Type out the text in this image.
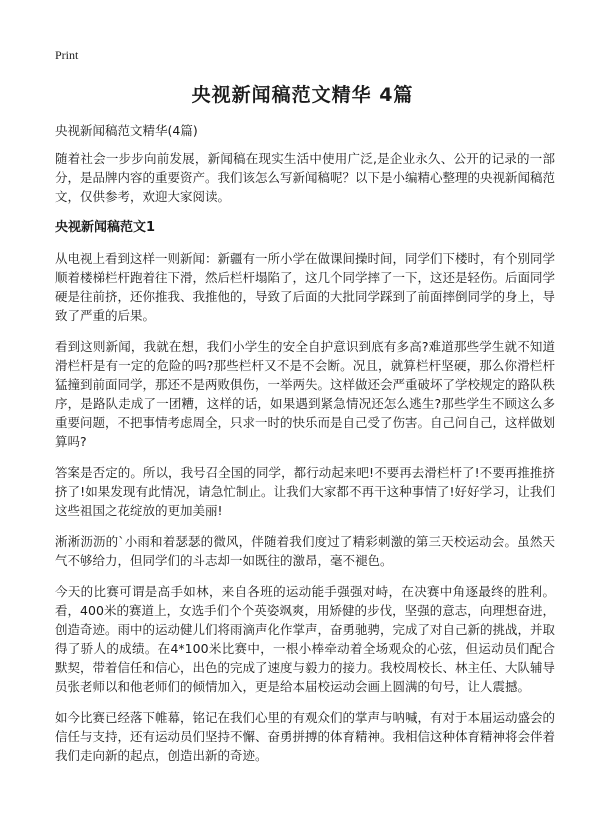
Print
央视新闻稿范文精华 4篇

央视新闻稿范文精华(4篇)

随着社会一步步向前发展，新闻稿在现实生活中使用广泛,是企业永久、公开的记录的一部分，是品牌内容的重要资产。我们该怎么写新闻稿呢？以下是小编精心整理的央视新闻稿范文，仅供参考，欢迎大家阅读。

央视新闻稿范文1

从电视上看到这样一则新闻：新疆有一所小学在做课间操时间，同学们下楼时，有个别同学顺着楼梯栏杆跑着往下滑，然后栏杆塌陷了，这几个同学摔了一下，这还是轻伤。后面同学硬是往前挤，还你推我、我推他的，导致了后面的大批同学踩到了前面摔倒同学的身上，导致了严重的后果。

看到这则新闻，我就在想，我们小学生的安全自护意识到底有多高?难道那些学生就不知道滑栏杆是有一定的危险的吗?那些栏杆又不是不会断。况且，就算栏杆坚硬，那么你滑栏杆猛撞到前面同学，那还不是两败俱伤，一举两失。这样做还会严重破坏了学校规定的路队秩序，是路队走成了一团糟，这样的话，如果遇到紧急情况还怎么逃生?那些学生不顾这么多重要问题，不把事情考虑周全，只求一时的快乐而是自己受了伤害。自己问自己，这样做划算吗?

答案是否定的。所以，我号召全国的同学，都行动起来吧!不要再去滑栏杆了!不要再推推挤挤了!如果发现有此情况，请急忙制止。让我们大家都不再干这种事情了!好好学习，让我们这些祖国之花绽放的更加美丽!

淅淅沥沥的`小雨和着瑟瑟的微风，伴随着我们度过了精彩刺激的第三天校运动会。虽然天气不够给力，但同学们的斗志却一如既往的激昂，毫不褪色。

今天的比赛可谓是高手如林，来自各班的运动能手强强对峙，在决赛中角逐最终的胜利。看，400米的赛道上，女选手们个个英姿飒爽，用矫健的步伐，坚强的意志，向理想奋进，创造奇迹。雨中的运动健儿们将雨滴声化作掌声，奋勇驰骋，完成了对自己新的挑战，并取得了骄人的成绩。在4*100米比赛中，一根小棒牵动着全场观众的心弦，但运动员们配合默契，带着信任和信心，出色的完成了速度与毅力的接力。我校周校长、林主任、大队辅导员张老师以和他老师们的倾情加入，更是给本届校运动会画上圆满的句号，让人震撼。

如今比赛已经落下帷幕，铭记在我们心里的有观众们的掌声与呐喊，有对于本届运动盛会的信任与支持，还有运动员们坚持不懈、奋勇拼搏的体育精神。我相信这种体育精神将会伴着我们走向新的起点，创造出新的奇迹。
